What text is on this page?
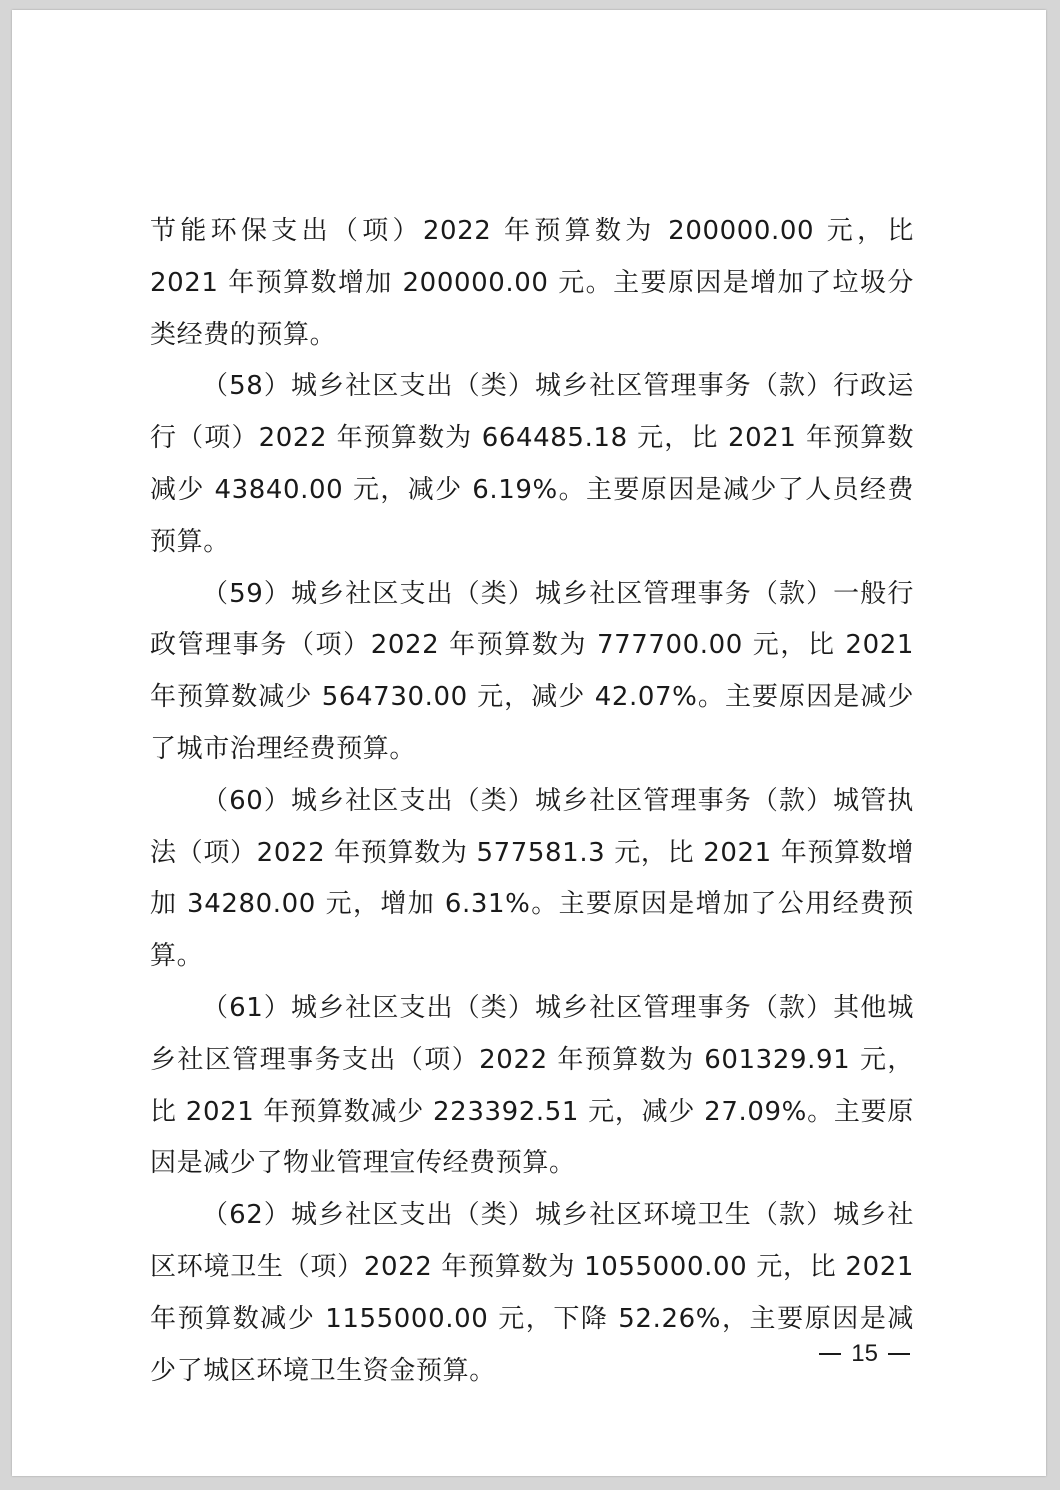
节能环保支出（项）2022 年预算数为 200000.00 元，比 2021 年预算数增加 200000.00 元。主要原因是增加了垃圾分类经费的预算。

（58）城乡社区支出（类）城乡社区管理事务（款）行政运行（项）2022 年预算数为 664485.18 元，比 2021 年预算数减少 43840.00 元，减少 6.19%。主要原因是减少了人员经费预算。

（59）城乡社区支出（类）城乡社区管理事务（款）一般行政管理事务（项）2022 年预算数为 777700.00 元，比 2021 年预算数减少 564730.00 元，减少 42.07%。主要原因是减少了城市治理经费预算。

（60）城乡社区支出（类）城乡社区管理事务（款）城管执法（项）2022 年预算数为 577581.3 元，比 2021 年预算数增加 34280.00 元，增加 6.31%。主要原因是增加了公用经费预算。

（61）城乡社区支出（类）城乡社区管理事务（款）其他城乡社区管理事务支出（项）2022 年预算数为 601329.91 元，比 2021 年预算数减少 223392.51 元，减少 27.09%。主要原因是减少了物业管理宣传经费预算。

（62）城乡社区支出（类）城乡社区环境卫生（款）城乡社区环境卫生（项）2022 年预算数为 1055000.00 元，比 2021 年预算数减少 1155000.00 元，下降 52.26%，主要原因是减少了城区环境卫生资金预算。

15
